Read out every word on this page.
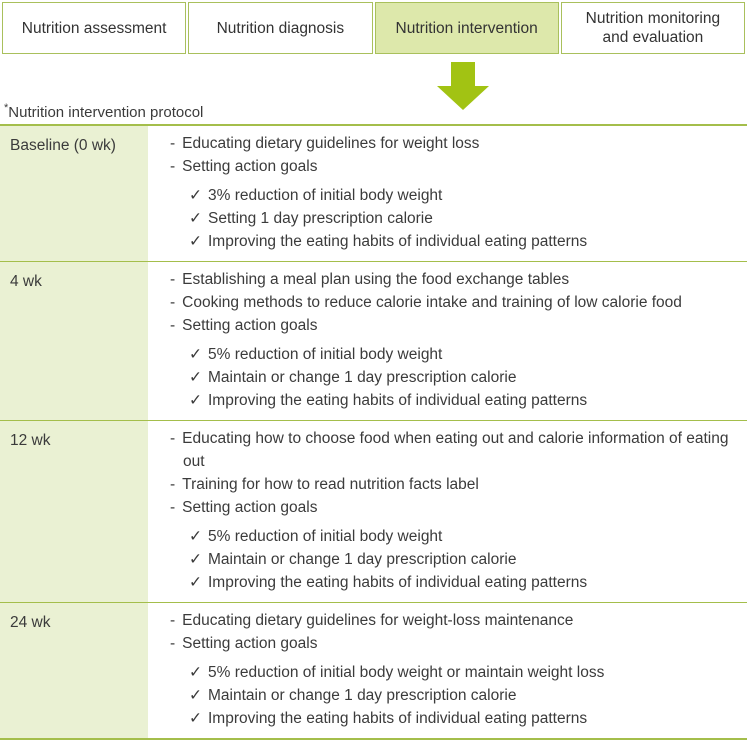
Nutrition assessment	Nutrition diagnosis	Nutrition intervention
Nutrition monitoring and evaluation
*Nutrition intervention protocol
Baseline (0 wk)	- Educating dietary guidelines for weight loss
- Setting action goals
✓ 3% reduction of initial body weight
✓ Setting 1 day prescription calorie
✓ Improving the eating habits of individual eating patterns
4 wk	- Establishing a meal plan using the food exchange tables
- Cooking methods to reduce calorie intake and training of low calorie food
- Setting action goals
✓ 5% reduction of initial body weight
✓ Maintain or change 1 day prescription calorie
✓ Improving the eating habits of individual eating patterns
12 wk	- Educating how to choose food when eating out and calorie information of eating out
- Training for how to read nutrition facts label
- Setting action goals
✓ 5% reduction of initial body weight
✓ Maintain or change 1 day prescription calorie
✓ Improving the eating habits of individual eating patterns
24 wk	- Educating dietary guidelines for weight-loss maintenance
- Setting action goals
✓ 5% reduction of initial body weight or maintain weight loss
✓ Maintain or change 1 day prescription calorie
✓ Improving the eating habits of individual eating patterns
